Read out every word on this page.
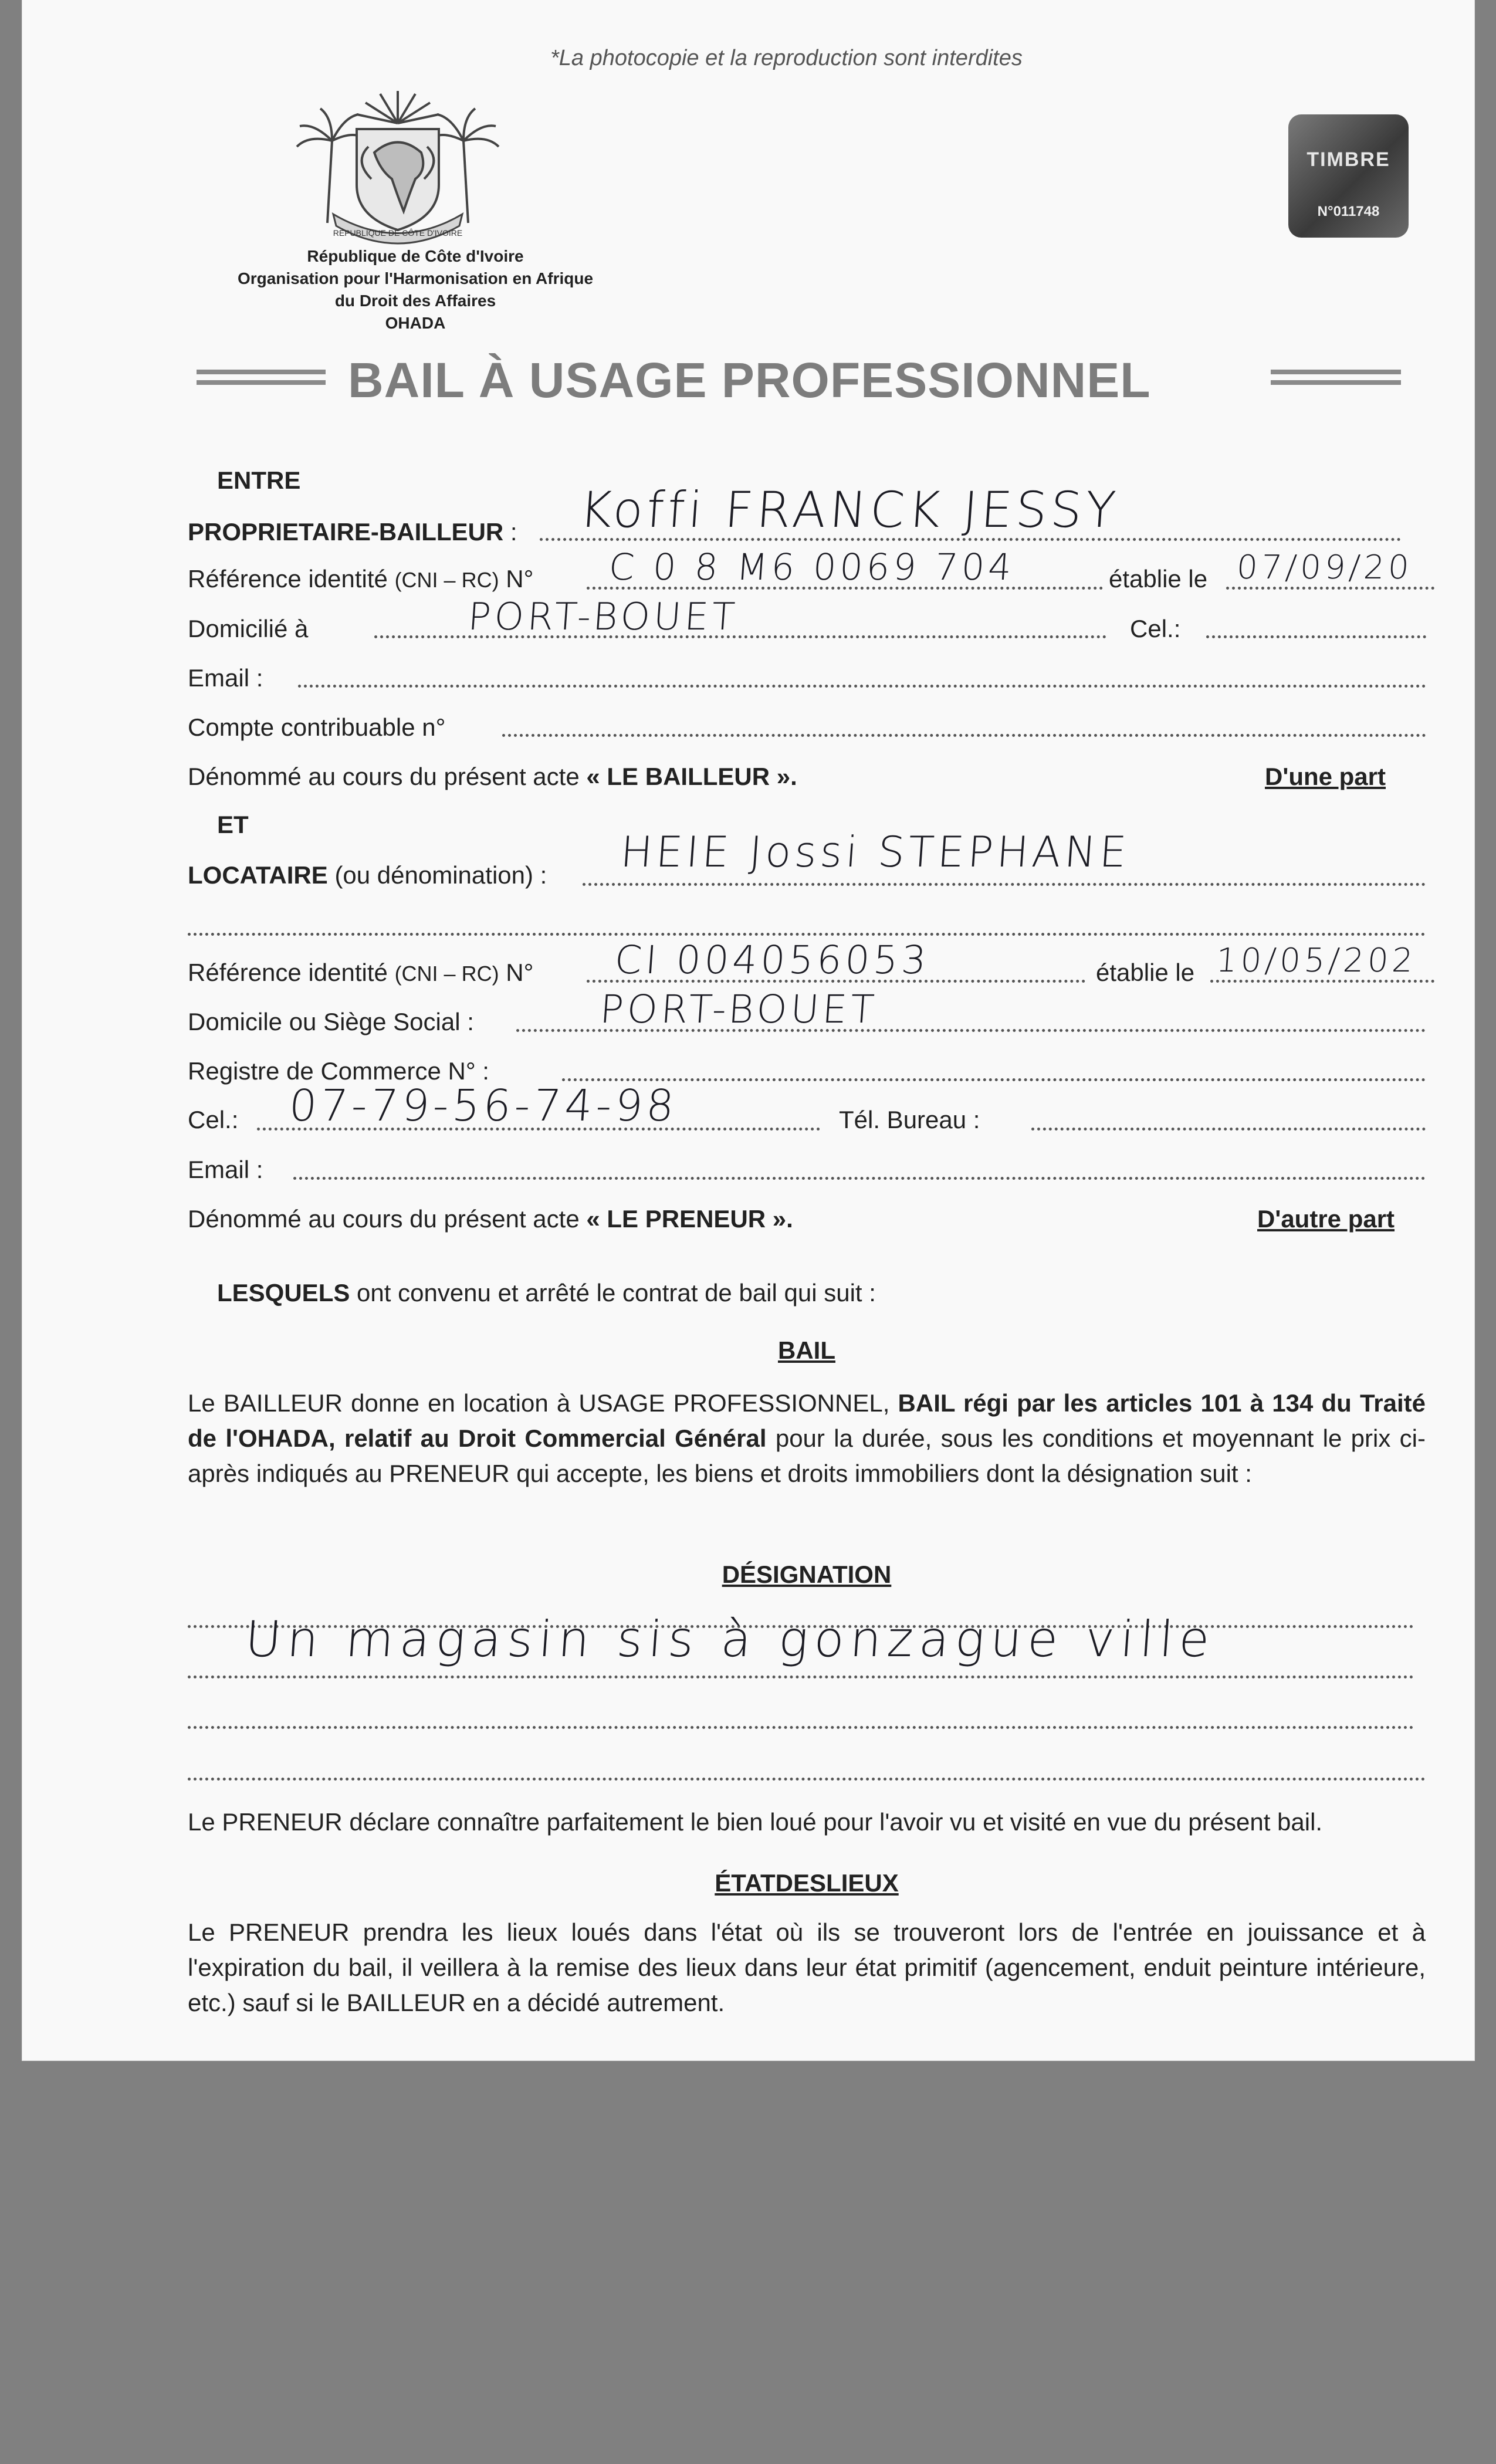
*La photocopie et la reproduction sont interdites
RÉPUBLIQUE DE CÔTE D'IVOIRE
République de Côte d'Ivoire
Organisation pour l'Harmonisation en Afrique
du Droit des Affaires
OHADA
TIMBRE
N°011748
BAIL À USAGE PROFESSIONNEL
ENTRE
PROPRIETAIRE-BAILLEUR : Koffi FRANCK JESSY
Référence identité (CNI – RC) N° C 0 8 M6 0069 704	établie le 07/09/20
Domicilié à	PORT-BOUET	Cel.:
Email :
Compte contribuable n°
Dénommé au cours du présent acte « LE BAILLEUR ».	D'une part
ET
LOCATAIRE (ou dénomination) : HEIE Jossi STEPHANE
Référence identité (CNI – RC) N° CI 004056053	établie le 10/05/202
Domicile ou Siège Social :	PORT-BOUET
Registre de Commerce N° :
Cel.: 07-79-56-74-98	Tél. Bureau :
Email :
Dénommé au cours du présent acte « LE PRENEUR ».	D'autre part
LESQUELS ont convenu et arrêté le contrat de bail qui suit :
BAIL
Le BAILLEUR donne en location à USAGE PROFESSIONNEL, BAIL régi par les articles 101 à 134 du Traité de l'OHADA, relatif au Droit Commercial Général pour la durée, sous les conditions et moyennant le prix ci-après indiqués au PRENEUR qui accepte, les biens et droits immobiliers dont la désignation suit :
DÉSIGNATION
Un magasin sis à gonzague ville
Le PRENEUR déclare connaître parfaitement le bien loué pour l'avoir vu et visité en vue du présent bail.
ÉTATDESLIEUX
Le PRENEUR prendra les lieux loués dans l'état où ils se trouveront lors de l'entrée en jouissance et à l'expiration du bail, il veillera à la remise des lieux dans leur état primitif (agencement, enduit peinture intérieure, etc.) sauf si le BAILLEUR en a décidé autrement.
